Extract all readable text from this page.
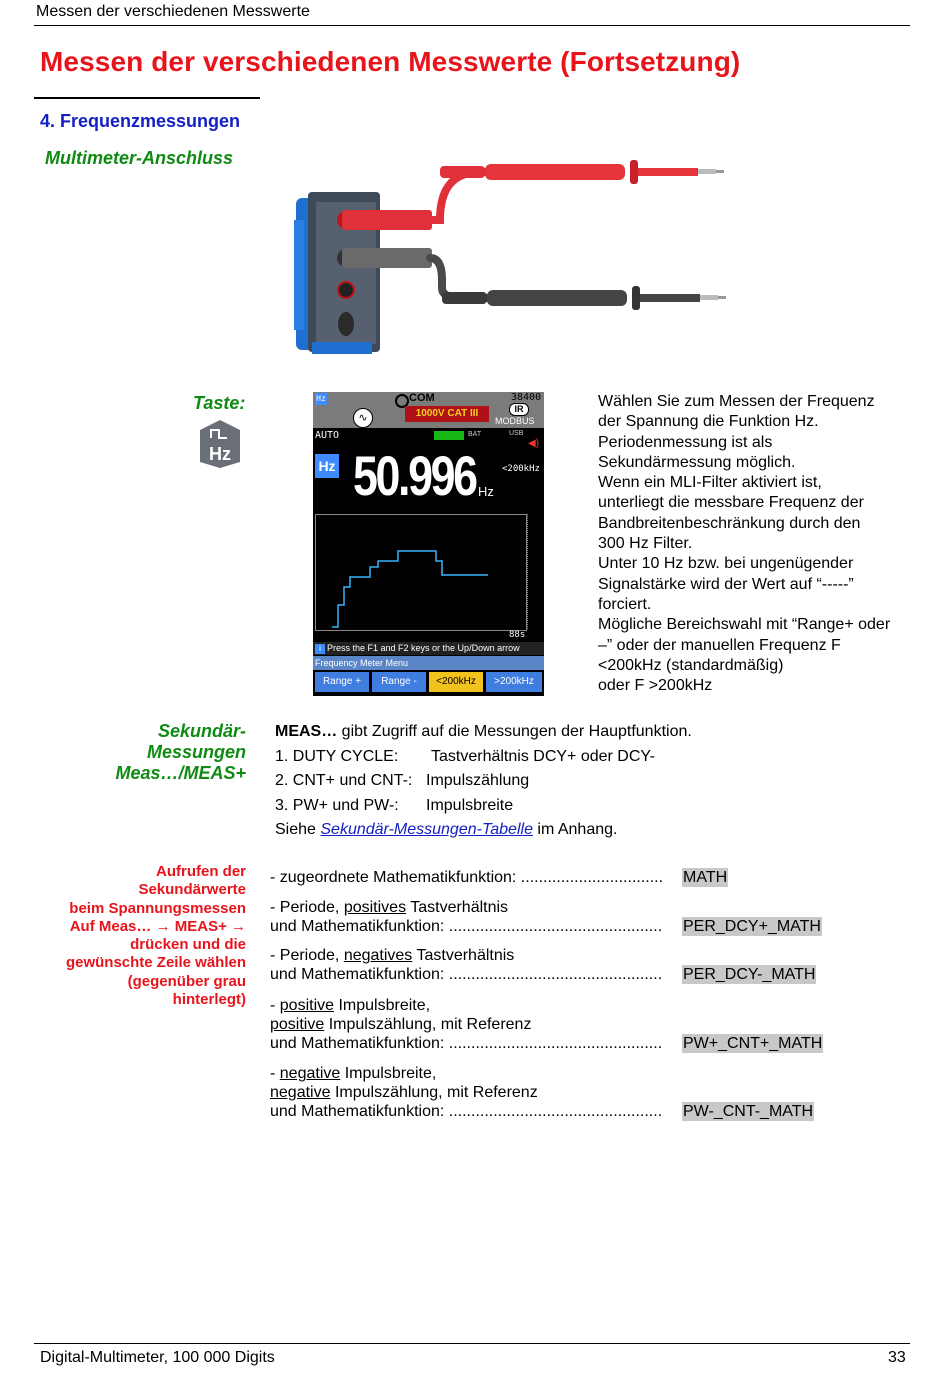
Messen der verschiedenen Messwerte
Messen der verschiedenen Messwerte (Fortsetzung)
4. Frequenzmessungen
Multimeter-Anschluss
Taste:
Hz
Hz
∿
COM
1000V CAT III
38400
IR
MODBUS
AUTO	BAT	USB
◀)
Hz 50.996 Hz
<200kHz
88s
i Press the F1 and F2 keys or the Up/Down arrow
Frequency Meter Menu
Range +	Range -	<200kHz	>200kHz
Wählen Sie zum Messen der Frequenz
der Spannung die Funktion Hz.
Periodenmessung ist als
Sekundärmessung möglich.
Wenn ein MLI-Filter aktiviert ist,
unterliegt die messbare Frequenz der
Bandbreitenbeschränkung durch den
300 Hz Filter.
Unter 10 Hz bzw. bei ungenügender
Signalstärke wird der Wert auf “-----”
forciert.
Mögliche Bereichswahl mit “Range+ oder
–” oder der manuellen Frequenz F
<200kHz (standardmäßig)
oder F >200kHz
Sekundär-
Messungen
Meas…/MEAS+
MEAS… gibt Zugriff auf die Messungen der Hauptfunktion.
1. DUTY CYCLE: Tastverhältnis DCY+ oder DCY-
2. CNT+ und CNT-: Impulszählung
3. PW+ und PW-: Impulsbreite
Siehe Sekundär-Messungen-Tabelle im Anhang.
Aufrufen der
Sekundärwerte
beim Spannungsmessen
Auf Meas… → MEAS+ →
drücken und die
gewünschte Zeile wählen
(gegenüber grau
hinterlegt)
- zugeordnete Mathematikfunktion: ................................ MATH
- Periode, positives Tastverhältnis
und Mathematikfunktion: ................................................ PER_DCY+_MATH
- Periode, negatives Tastverhältnis
und Mathematikfunktion: ................................................ PER_DCY-_MATH
- positive Impulsbreite,
positive Impulszählung, mit Referenz
und Mathematikfunktion: ................................................ PW+_CNT+_MATH
- negative Impulsbreite,
negative Impulszählung, mit Referenz
und Mathematikfunktion: ................................................ PW-_CNT-_MATH
Digital-Multimeter, 100 000 Digits	33
